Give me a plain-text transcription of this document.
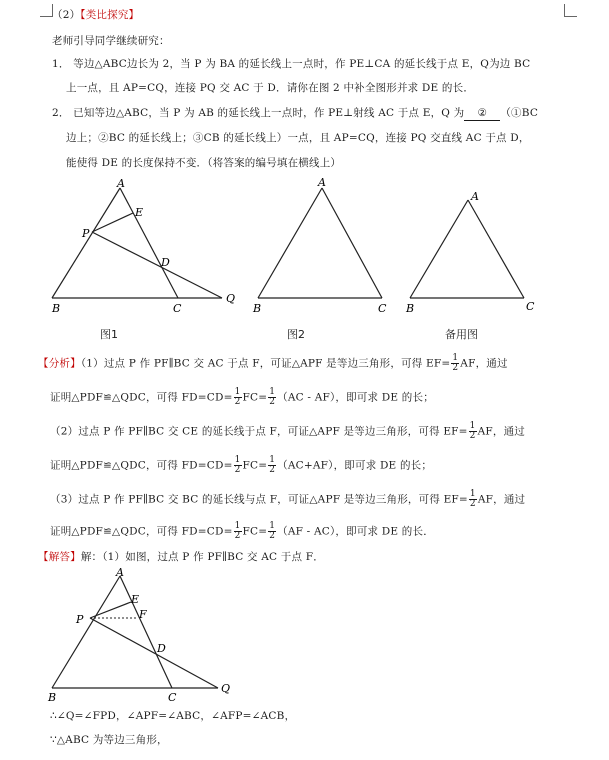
（2）【类比探究】
老师引导同学继续研究：
1． 等边△ABC边长为 2，当 P 为 BA 的延长线上一点时，作 PE⊥CA 的延长线于点 E，Q为边 BC
上一点，且 AP=CQ，连接 PQ 交 AC 于 D．请你在图 2 中补全图形并求 DE 的长．
2． 已知等边△ABC，当 P 为 AB 的延长线上一点时，作 PE⊥射线 AC 于点 E，Q 为 ② （①BC
边上；②BC 的延长线上；③CB 的延长线上）一点，且 AP=CQ，连接 PQ 交直线 AC 于点 D，
能使得 DE 的长度保持不变．（将答案的编号填在横线上）
A
E
P
D
B	C
Q
A
B	C
A
B	C
图1	图2	备用图
【分析】（1）过点 P 作 PF∥BC 交 AC 于点 F，可证△APF 是等边三角形，可得 $EF= \frac{1}{2}$ AF，通过
证明△PDF≌△QDC，可得 $FD=CD= \frac{1}{2} FC= \frac{1}{2} (AC - AF)$，即可求 DE 的长；
（2）过点 P 作 PF∥BC 交 CE 的延长线于点 F，可证△APF 是等边三角形，可得 $EF= \frac{1}{2}$ AF，通过
证明△PDF≌△QDC，可得 $FD=CD= \frac{1}{2} FC= \frac{1}{2} (AC+AF)$，即可求 DE 的长；
（3）过点 P 作 PF∥BC 交 BC 的延长线与点 F，可证△APF 是等边三角形，可得 $EF= \frac{1}{2}$ AF，通过
证明△PDF≌△QDC，可得 $FD=CD= \frac{1}{2} FC= \frac{1}{2} (AF - AC)$，即可求 DE 的长．
【解答】解：（1）如图，过点 P 作 PF∥BC 交 AC 于点 F．
A
E
F
P
D
B	C
Q
∴∠Q=∠FPD，∠APF=∠ABC，∠AFP=∠ACB，
∵△ABC 为等边三角形，
